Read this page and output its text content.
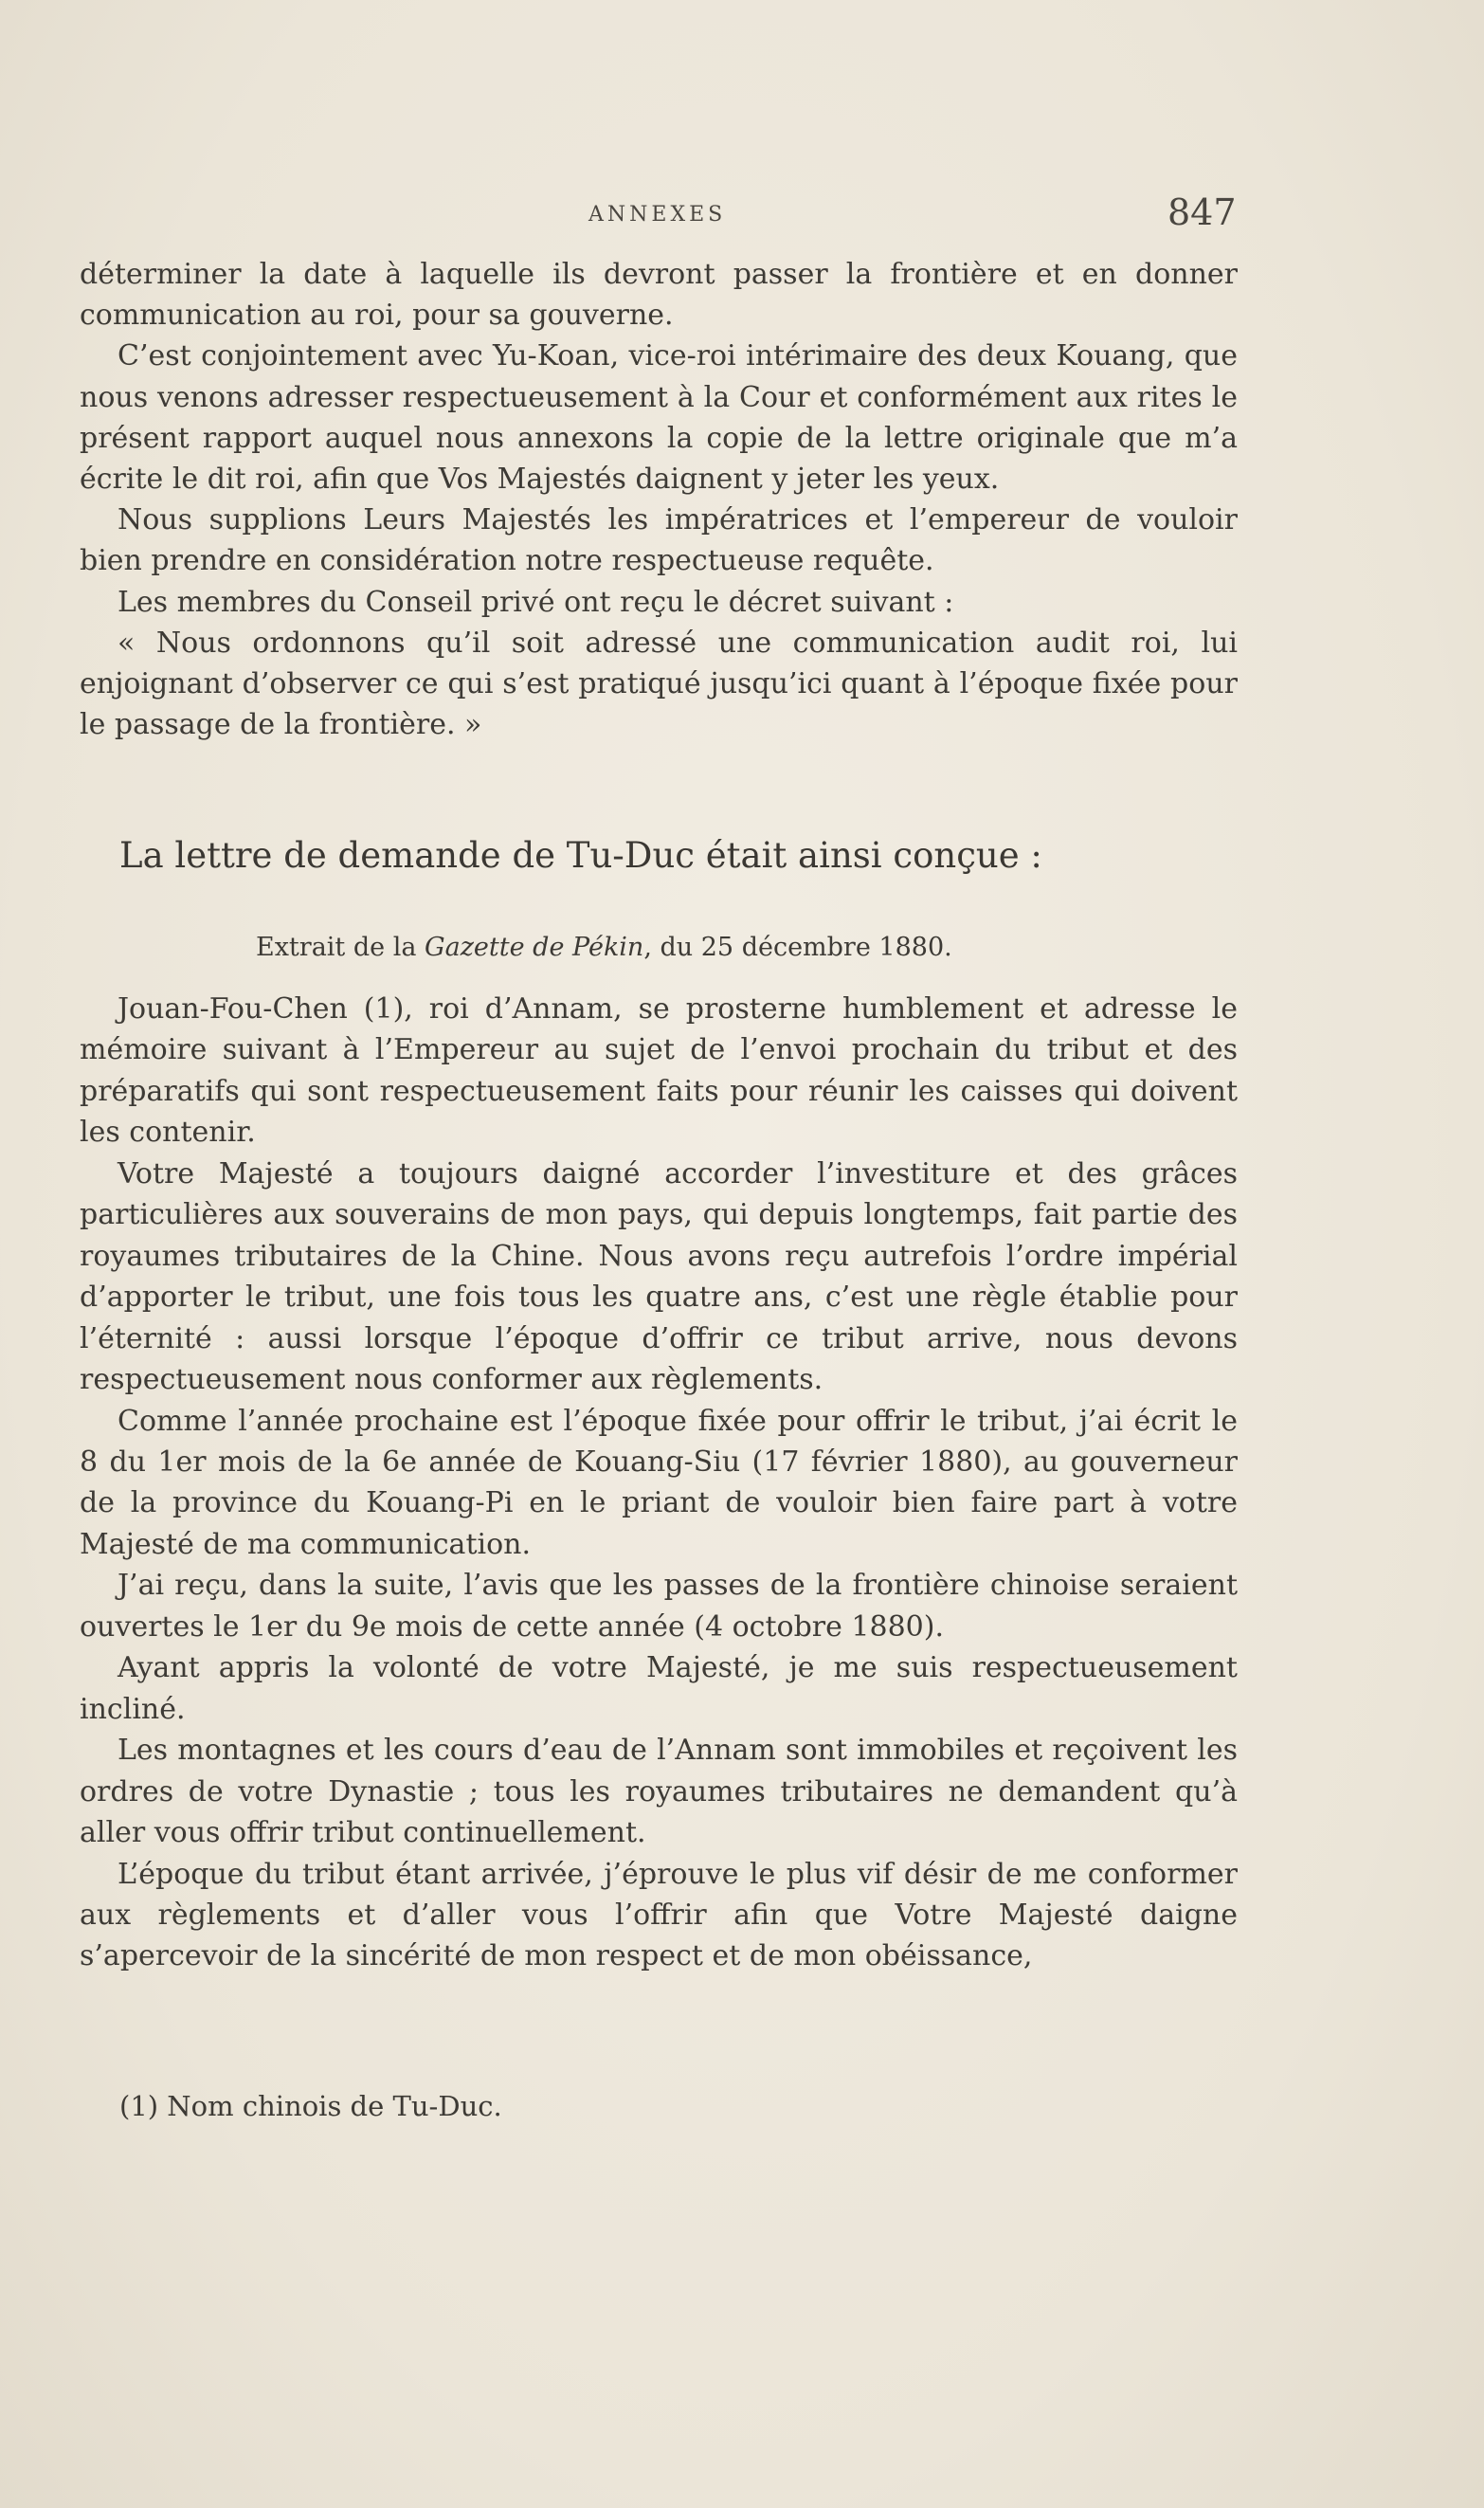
ANNEXES	847

déterminer la date à laquelle ils devront passer la frontière et en donner communication au roi, pour sa gouverne.

C’est conjointement avec Yu-Koan, vice-roi intérimaire des deux Kouang, que nous venons adresser respectueusement à la Cour et conformément aux rites le présent rapport auquel nous annexons la copie de la lettre originale que m’a écrite le dit roi, afin que Vos Majestés daignent y jeter les yeux.

Nous supplions Leurs Majestés les impératrices et l’empereur de vouloir bien prendre en considération notre respectueuse requête.

Les membres du Conseil privé ont reçu le décret suivant :

« Nous ordonnons qu’il soit adressé une communication audit roi, lui enjoignant d’observer ce qui s’est pratiqué jusqu’ici quant à l’époque fixée pour le passage de la frontière. »

La lettre de demande de Tu-Duc était ainsi conçue :
Extrait de la Gazette de Pékin, du 25 décembre 1880.

Jouan-Fou-Chen (1), roi d’Annam, se prosterne humblement et adresse le mémoire suivant à l’Empereur au sujet de l’envoi prochain du tribut et des préparatifs qui sont respectueusement faits pour réunir les caisses qui doivent les contenir.

Votre Majesté a toujours daigné accorder l’investiture et des grâces particulières aux souverains de mon pays, qui depuis longtemps, fait partie des royaumes tributaires de la Chine. Nous avons reçu autrefois l’ordre impérial d’apporter le tribut, une fois tous les quatre ans, c’est une règle établie pour l’éternité : aussi lorsque l’époque d’offrir ce tribut arrive, nous devons respectueusement nous conformer aux règlements.

Comme l’année prochaine est l’époque fixée pour offrir le tribut, j’ai écrit le 8 du 1er mois de la 6e année de Kouang-Siu (17 février 1880), au gouverneur de la province du Kouang-Pi en le priant de vouloir bien faire part à votre Majesté de ma communication.

J’ai reçu, dans la suite, l’avis que les passes de la frontière chinoise seraient ouvertes le 1er du 9e mois de cette année (4 octobre 1880).

Ayant appris la volonté de votre Majesté, je me suis respectueusement incliné.

Les montagnes et les cours d’eau de l’Annam sont immobiles et reçoivent les ordres de votre Dynastie ; tous les royaumes tributaires ne demandent qu’à aller vous offrir tribut continuellement.

L’époque du tribut étant arrivée, j’éprouve le plus vif désir de me conformer aux règlements et d’aller vous l’offrir afin que Votre Majesté daigne s’apercevoir de la sincérité de mon respect et de mon obéissance,

(1) Nom chinois de Tu-Duc.
